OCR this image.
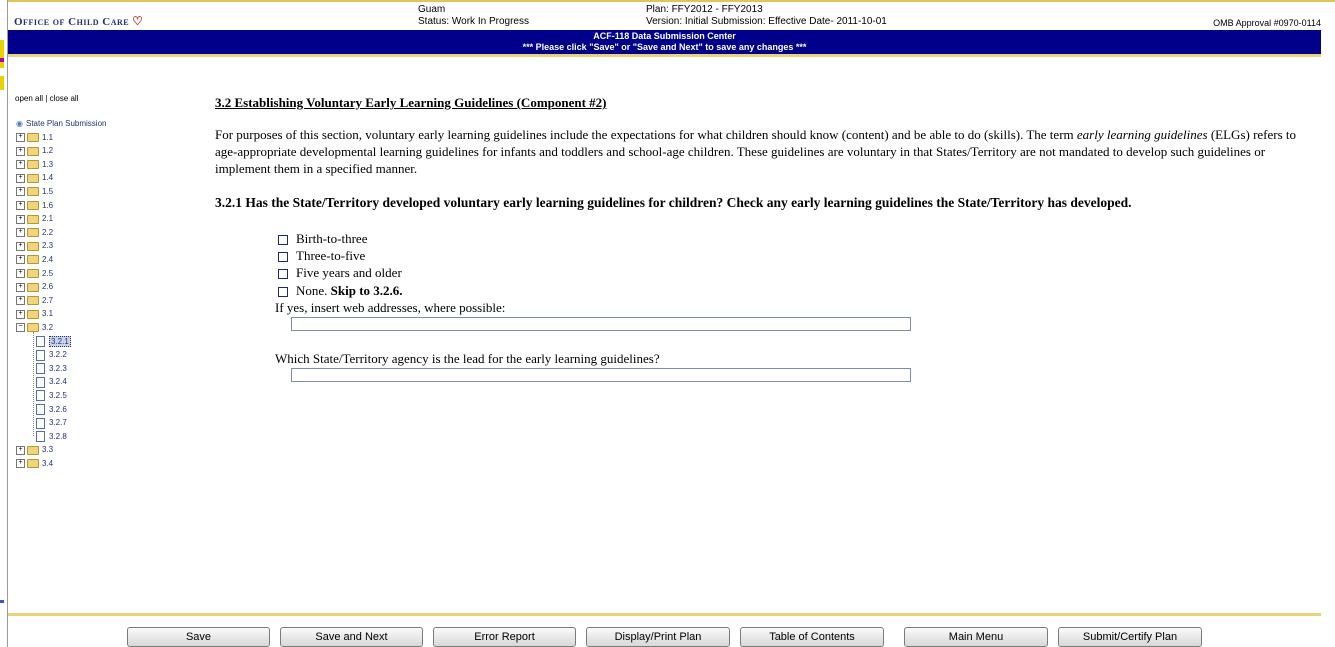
Office of Child Care ♡
Guam
Status: Work In Progress
Plan: FFY2012 - FFY2013
Version: Initial Submission: Effective Date- 2011-10-01	OMB Approval #0970-0114
ACF-118 Data Submission Center
*** Please click "Save" or "Save and Next" to save any changes ***
open all | close all
◉ State Plan Submission
+ 1.1
+ 1.2
+ 1.3
+ 1.4
+ 1.5
+ 1.6
+ 2.1
+ 2.2
+ 2.3
+ 2.4
+ 2.5
+ 2.6
+ 2.7
+ 3.1
− 3.2
3.2.1
3.2.2
3.2.3
3.2.4
3.2.5
3.2.6
3.2.7
3.2.8
+ 3.3
+ 3.4
3.2 Establishing Voluntary Early Learning Guidelines (Component #2)

For purposes of this section, voluntary early learning guidelines include the expectations for what children should know (content) and be able to do (skills). The term early learning guidelines (ELGs) refers to age-appropriate developmental learning guidelines for infants and toddlers and school-age children. These guidelines are voluntary in that States/Territory are not mandated to develop such guidelines or implement them in a specified manner.

3.2.1 Has the State/Territory developed voluntary early learning guidelines for children? Check any early learning guidelines the State/Territory has developed.
Birth-to-three
Three-to-five
Five years and older
None. Skip to 3.2.6.
If yes, insert web addresses, where possible:
Which State/Territory agency is the lead for the early learning guidelines?
Save	Save and Next	Error Report	Display/Print Plan	Table of Contents	Main Menu	Submit/Certify Plan
